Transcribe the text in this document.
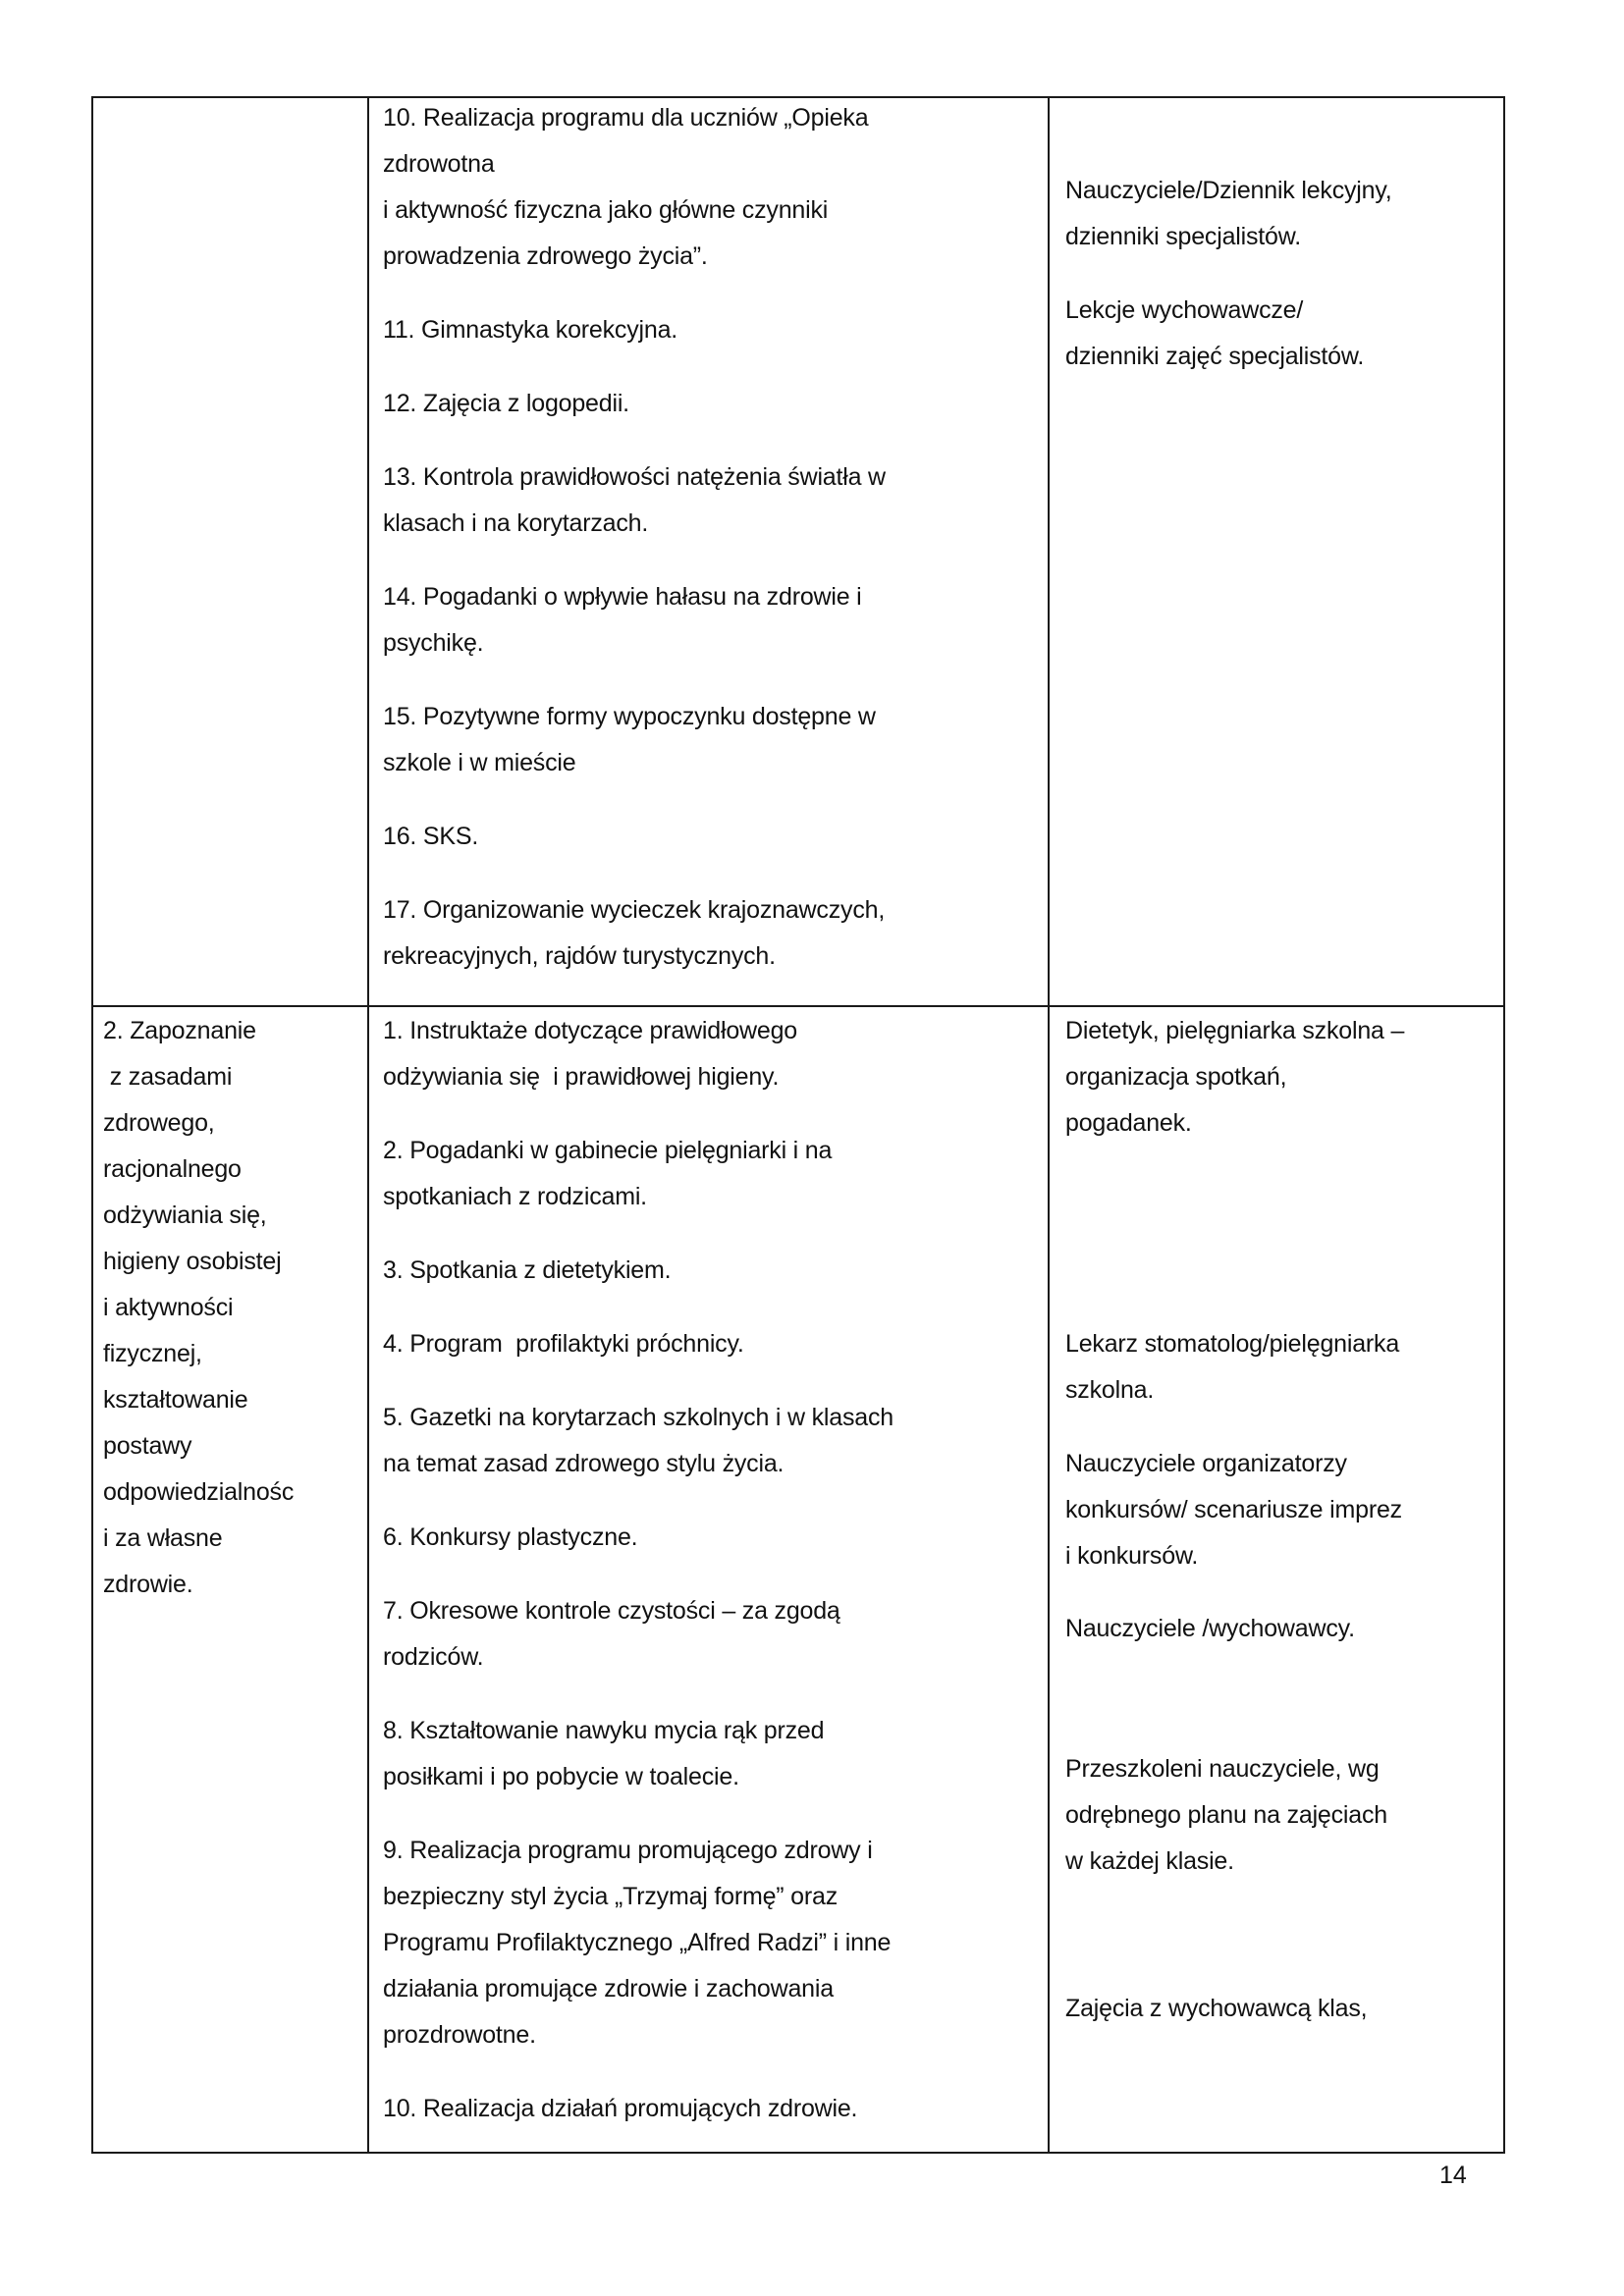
10. Realizacja programu dla uczniów „Opieka
zdrowotna
i aktywność fizyczna jako główne czynniki
prowadzenia zdrowego życia”.
11. Gimnastyka korekcyjna.
12. Zajęcia z logopedii.
13. Kontrola prawidłowości natężenia światła w
klasach i na korytarzach.
14. Pogadanki o wpływie hałasu na zdrowie i
psychikę.
15. Pozytywne formy wypoczynku dostępne w
szkole i w mieście
16. SKS.
17. Organizowanie wycieczek krajoznawczych,
rekreacyjnych, rajdów turystycznych.
Nauczyciele/Dziennik lekcyjny,
dzienniki specjalistów.
Lekcje wychowawcze/
dzienniki zajęć specjalistów.
2. Zapoznanie
z zasadami
zdrowego,
racjonalnego
odżywiania się,
higieny osobistej
i aktywności
fizycznej,
kształtowanie
postawy
odpowiedzialnośc
i za własne
zdrowie.
1. Instruktaże dotyczące prawidłowego
odżywiania się  i prawidłowej higieny.
2. Pogadanki w gabinecie pielęgniarki i na
spotkaniach z rodzicami.
3. Spotkania z dietetykiem.
4. Program  profilaktyki próchnicy.
5. Gazetki na korytarzach szkolnych i w klasach
na temat zasad zdrowego stylu życia.
6. Konkursy plastyczne.
7. Okresowe kontrole czystości – za zgodą
rodziców.
8. Kształtowanie nawyku mycia rąk przed
posiłkami i po pobycie w toalecie.
9. Realizacja programu promującego zdrowy i
bezpieczny styl życia „Trzymaj formę” oraz
Programu Profilaktycznego „Alfred Radzi” i inne
działania promujące zdrowie i zachowania
prozdrowotne.
10. Realizacja działań promujących zdrowie.
Dietetyk, pielęgniarka szkolna –
organizacja spotkań,
pogadanek.
Lekarz stomatolog/pielęgniarka
szkolna.
Nauczyciele organizatorzy
konkursów/ scenariusze imprez
i konkursów.
Nauczyciele /wychowawcy.
Przeszkoleni nauczyciele, wg
odrębnego planu na zajęciach
w każdej klasie.
Zajęcia z wychowawcą klas,
14
